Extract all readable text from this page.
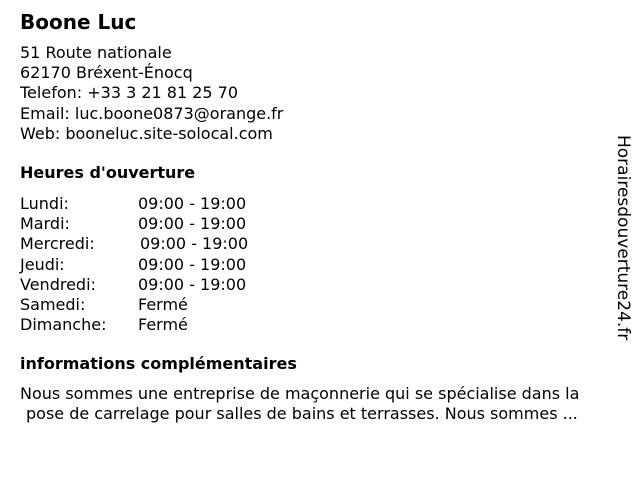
Boone Luc
51 Route nationale
62170 Bréxent-Énocq
Telefon: +33 3 21 81 25 70
Email: luc.boone0873@orange.fr
Web: booneluc.site-solocal.com
Heures d'ouverture
Lundi:	09:00 - 19:00
Mardi:	09:00 - 19:00
Mercredi:	09:00 - 19:00
Jeudi:	09:00 - 19:00
Vendredi:	09:00 - 19:00
Samedi:	Fermé
Dimanche: Fermé
informations complémentaires
Nous sommes une entreprise de maçonnerie qui se spécialise dans la
pose de carrelage pour salles de bains et terrasses. Nous sommes ...
Horairesdouverture24.fr
